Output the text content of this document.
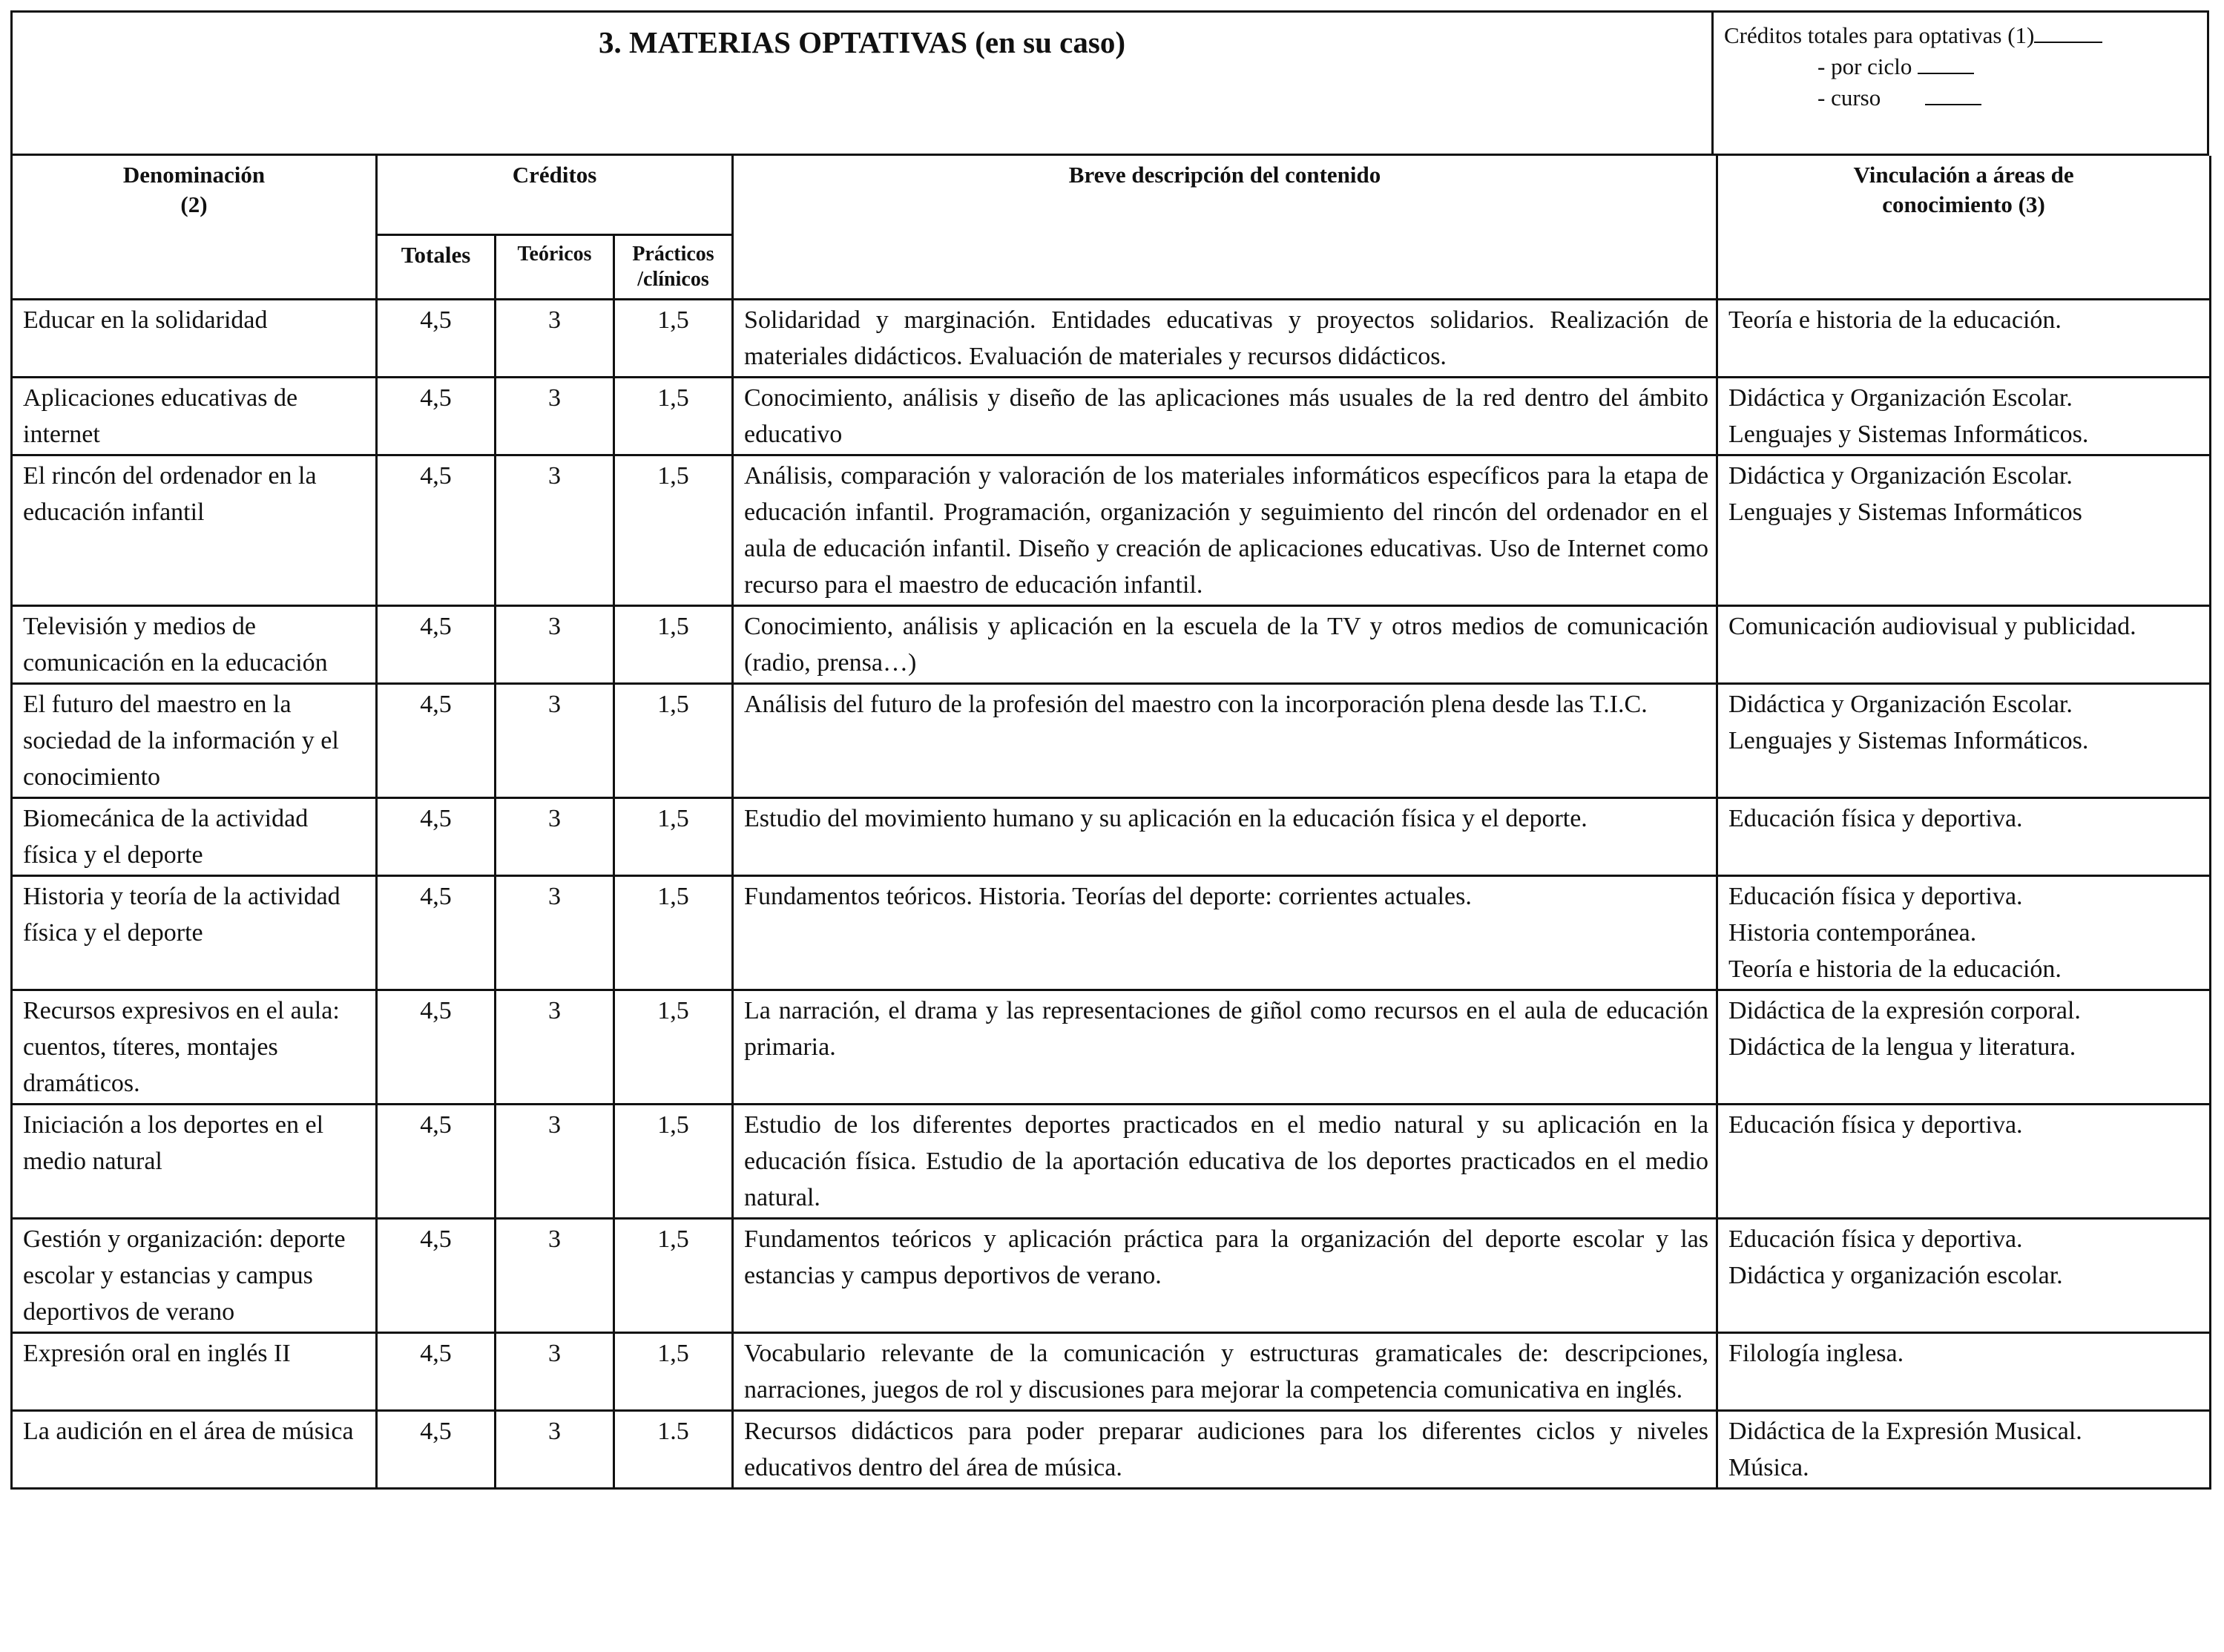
3. MATERIAS OPTATIVAS (en su caso)	Créditos totales para optativas (1)
- por ciclo
- curso
Denominación
(2)	Créditos			Breve descripción del contenido	Vinculación a áreas de
conocimiento (3)
	Totales	Teóricos	Prácticos
/clínicos		
Educar en la solidaridad	4,5	3	1,5	Solidaridad y marginación. Entidades educativas y proyectos solidarios. Realización de materiales didácticos. Evaluación de materiales y recursos didácticos.	Teoría e historia de la educación.

Aplicaciones educativas de internet	4,5	3	1,5	Conocimiento, análisis y diseño de las aplicaciones más usuales de la red dentro del ámbito educativo	Didáctica y Organización Escolar.
Lenguajes y Sistemas Informáticos.

El rincón del ordenador en la educación infantil	4,5	3	1,5	Análisis, comparación y valoración de los materiales informáticos específicos para la etapa de educación infantil. Programación, organización y seguimiento del rincón del ordenador en el aula de educación infantil. Diseño y creación de aplicaciones educativas. Uso de Internet como recurso para el maestro de educación infantil.	Didáctica y Organización Escolar.
Lenguajes y Sistemas Informáticos

Televisión y medios de comunicación en la educación	4,5	3	1,5	Conocimiento, análisis y aplicación en la escuela de la TV y otros medios de comunicación (radio, prensa…)	Comunicación audiovisual y publicidad.

El futuro del maestro en la sociedad de la información y el conocimiento	4,5	3	1,5	Análisis del futuro de la profesión del maestro con la incorporación plena desde las T.I.C.	Didáctica y Organización Escolar.
Lenguajes y Sistemas Informáticos.

Biomecánica de la actividad física y el deporte	4,5	3	1,5	Estudio del movimiento humano y su aplicación en la educación física y el deporte.	Educación física y deportiva.

Historia y teoría de la actividad física y el deporte	4,5	3	1,5	Fundamentos teóricos. Historia. Teorías del deporte: corrientes actuales.	Educación física y deportiva.
Historia contemporánea.
Teoría e historia de la educación.

Recursos expresivos en el aula: cuentos, títeres, montajes dramáticos.	4,5	3	1,5	La narración, el drama y las representaciones de giñol como recursos en el aula de educación primaria.	Didáctica de la expresión corporal.
Didáctica de la lengua y literatura.

Iniciación a los deportes en el medio natural	4,5	3	1,5	Estudio de los diferentes deportes practicados en el medio natural y su aplicación en la educación física. Estudio de la aportación educativa de los deportes practicados en el medio natural.	Educación física y deportiva.

Gestión y organización: deporte escolar y estancias y campus deportivos de verano	4,5	3	1,5	Fundamentos teóricos y aplicación práctica para la organización del deporte escolar y las estancias y campus deportivos de verano.	Educación física y deportiva.
Didáctica y organización escolar.

Expresión oral en inglés II	4,5	3	1,5	Vocabulario relevante de la comunicación y estructuras gramaticales de: descripciones, narraciones, juegos de rol y discusiones para mejorar la competencia comunicativa en inglés.	Filología inglesa.

La audición en el área de música	4,5	3	1.5	Recursos didácticos para poder preparar audiciones para los diferentes ciclos y niveles educativos dentro del área de música.	Didáctica de la Expresión Musical.
Música.
